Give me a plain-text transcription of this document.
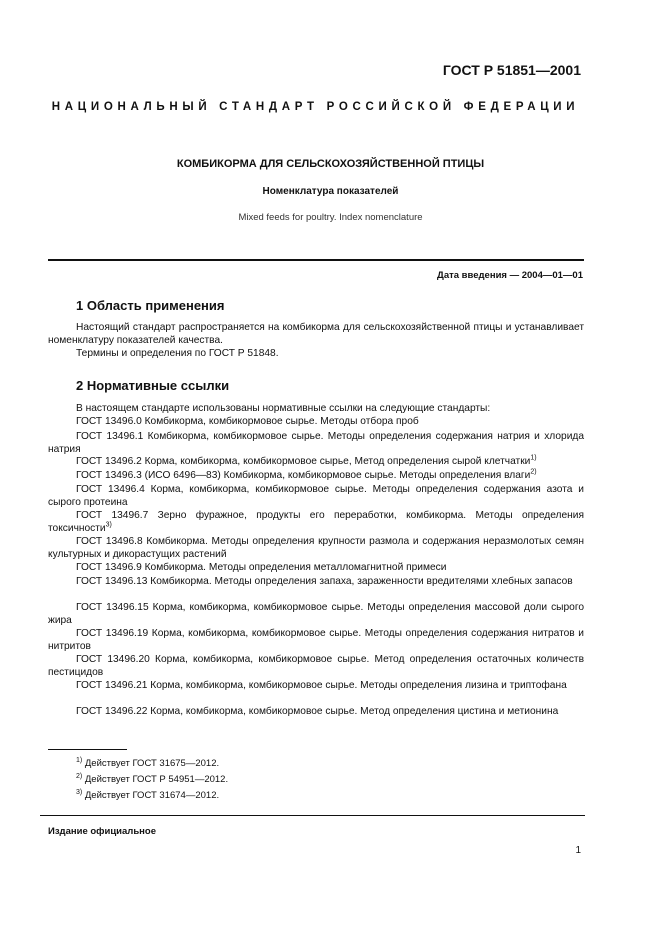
ГОСТ Р 51851—2001
НАЦИОНАЛЬНЫЙ СТАНДАРТ РОССИЙСКОЙ ФЕДЕРАЦИИ
КОМБИКОРМА ДЛЯ СЕЛЬСКОХОЗЯЙСТВЕННОЙ ПТИЦЫ
Номенклатура показателей
Mixed feeds for poultry. Index nomenclature
Дата введения — 2004—01—01
1 Область применения
Настоящий стандарт распространяется на комбикорма для сельскохозяйственной птицы и устанавливает номенклатуру показателей качества.
Термины и определения по ГОСТ Р 51848.
2 Нормативные ссылки
В настоящем стандарте использованы нормативные ссылки на следующие стандарты:
ГОСТ 13496.0 Комбикорма, комбикормовое сырье. Методы отбора проб
ГОСТ 13496.1 Комбикорма, комбикормовое сырье. Методы определения содержания натрия и хлорида натрия
ГОСТ 13496.2 Корма, комбикорма, комбикормовое сырье, Метод определения сырой клетчатки$^{1)}$
ГОСТ 13496.3 (ИСО 6496—83) Комбикорма, комбикормовое сырье. Методы определения влаги$^{2)}$
ГОСТ 13496.4 Корма, комбикорма, комбикормовое сырье. Методы определения содержания азота и сырого протеина
ГОСТ 13496.7 Зерно фуражное, продукты его переработки, комбикорма. Методы определения токсичности$^{3)}$
ГОСТ 13496.8 Комбикорма. Методы определения крупности размола и содержания неразмолотых семян культурных и дикорастущих растений
ГОСТ 13496.9 Комбикорма. Методы определения металломагнитной примеси
ГОСТ 13496.13 Комбикорма. Методы определения запаха, зараженности вредителями хлебных запасов
ГОСТ 13496.15 Корма, комбикорма, комбикормовое сырье. Методы определения массовой доли сырого жира
ГОСТ 13496.19 Корма, комбикорма, комбикормовое сырье. Методы определения содержания нитратов и нитритов
ГОСТ 13496.20 Корма, комбикорма, комбикормовое сырье. Метод определения остаточных количеств пестицидов
ГОСТ 13496.21 Корма, комбикорма, комбикормовое сырье. Методы определения лизина и триптофана
ГОСТ 13496.22 Корма, комбикорма, комбикормовое сырье. Метод определения цистина и метионина
$^{1)}$ Действует ГОСТ 31675—2012.
$^{2)}$ Действует ГОСТ Р 54951—2012.
$^{3)}$ Действует ГОСТ 31674—2012.
Издание официальное
1
